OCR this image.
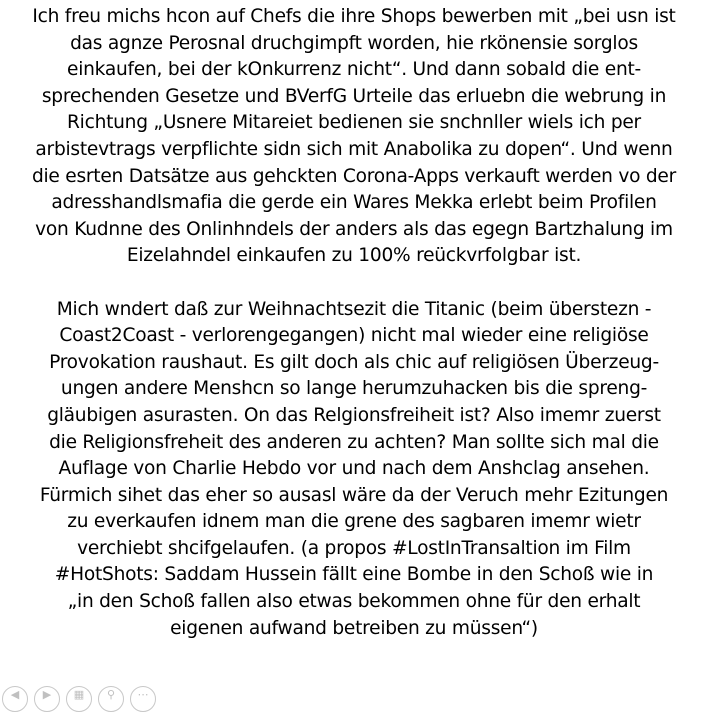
Ich freu michs hcon auf Chefs die ihre Shops bewerben mit „bei usn ist
das agnze Perosnal druchgimpft worden, hie rkönensie sorglos
einkaufen, bei der kOnkurrenz nicht“. Und dann sobald die ent-
sprechenden Gesetze und BVerfG Urteile das erluebn die webrung in
Richtung „Usnere Mitareiet bedienen sie snchnller wiels ich per
arbistevtrags verpflichte sidn sich mit Anabolika zu dopen“. Und wenn
die esrten Datsätze aus gehckten Corona-Apps verkauft werden vo der
adresshandlsmafia die gerde ein Wares Mekka erlebt beim Profilen
von Kudnne des Onlinhndels der anders als das egegn Bartzhalung im
Eizelahndel einkaufen zu 100% reückvrfolgbar ist.

Mich wndert daß zur Weihnachtsezit die Titanic (beim überstezn -
Coast2Coast - verlorengegangen) nicht mal wieder eine religiöse
Provokation raushaut. Es gilt doch als chic auf religiösen Überzeug-
ungen andere Menshcn so lange herumzuhacken bis die spreng-
gläubigen asurasten. On das Relgionsfreiheit ist? Also imemr zuerst
die Religionsfreheit des anderen zu achten? Man sollte sich mal die
Auflage von Charlie Hebdo vor und nach dem Anshclag ansehen.
Fürmich sihet das eher so ausasl wäre da der Veruch mehr Ezitungen
zu everkaufen idnem man die grene des sagbaren imemr wietr
verchiebt shcifgelaufen. (a propos #LostInTransaltion im Film
#HotShots: Saddam Hussein fällt eine Bombe in den Schoß wie in
„in den Schoß fallen also etwas bekommen ohne für den erhalt
eigenen aufwand betreiben zu müssen“)

◀	▶	▦	⚲	⋯
